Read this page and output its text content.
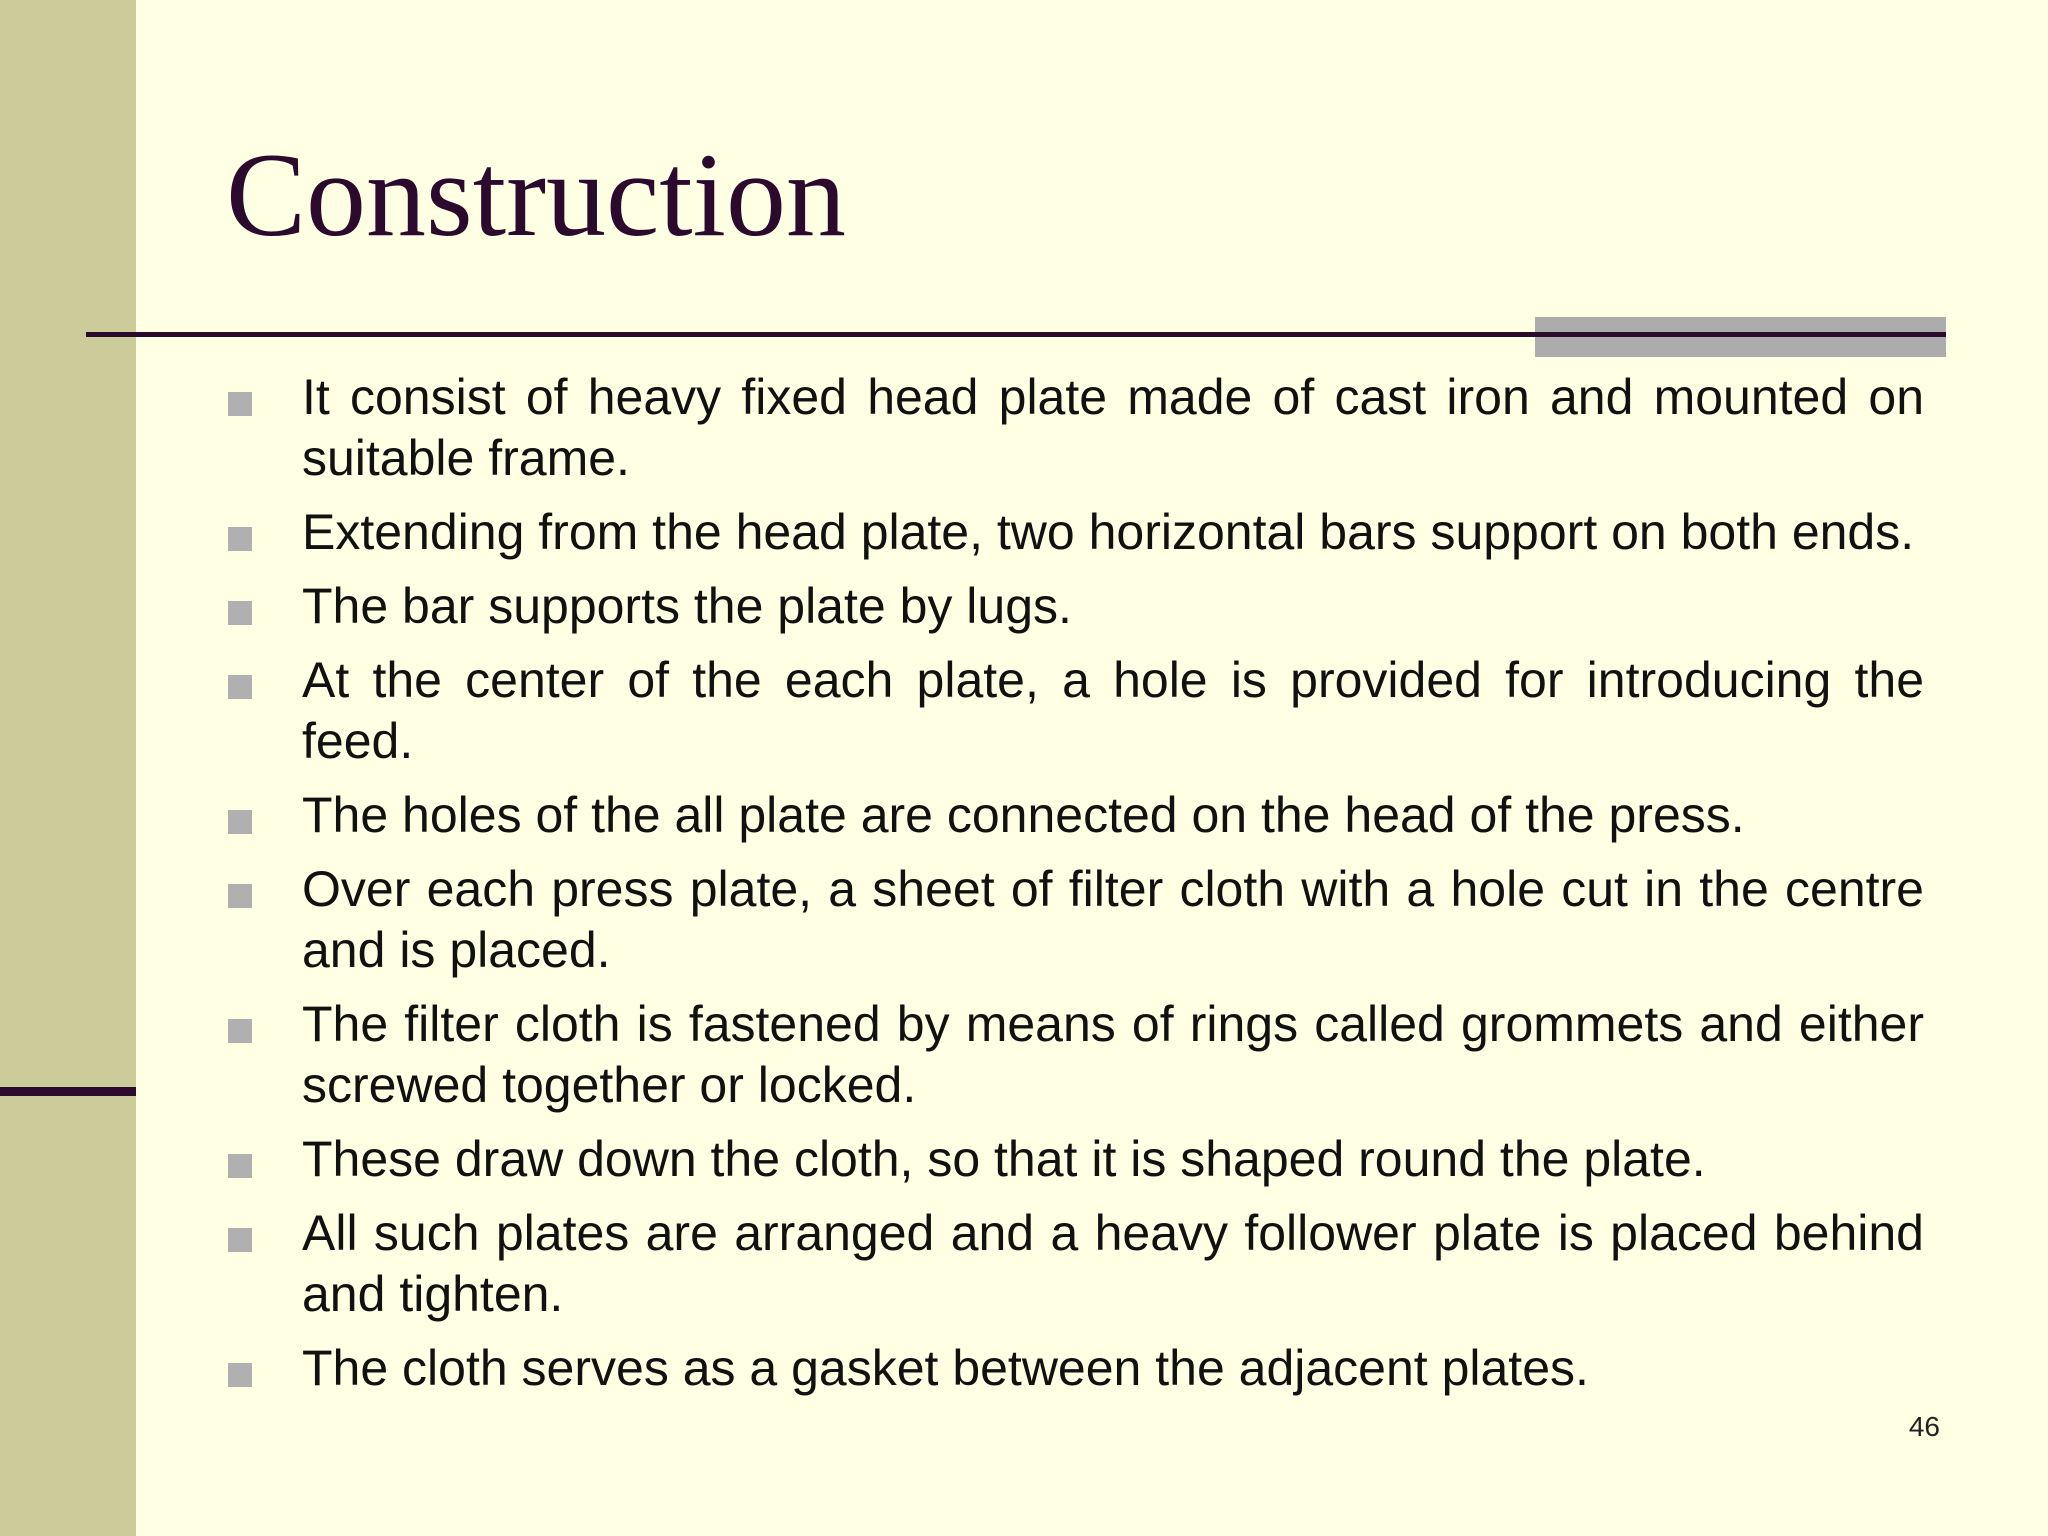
Construction
It consist of heavy fixed head plate made of cast iron and mounted on suitable frame.
Extending from the head plate, two horizontal bars support on both ends.
The bar supports the plate by lugs.
At the center of the each plate, a hole is provided for introducing the feed.
The holes of the all plate are connected on the head of the press.
Over each press plate, a sheet of filter cloth with a hole cut in the centre and is placed.
The filter cloth is fastened by means of rings called grommets and either screwed together or locked.
These draw down the cloth, so that it is shaped round the plate.
All such plates are arranged and a heavy follower plate is placed behind and tighten.
The cloth serves as a gasket between the adjacent plates.
46
